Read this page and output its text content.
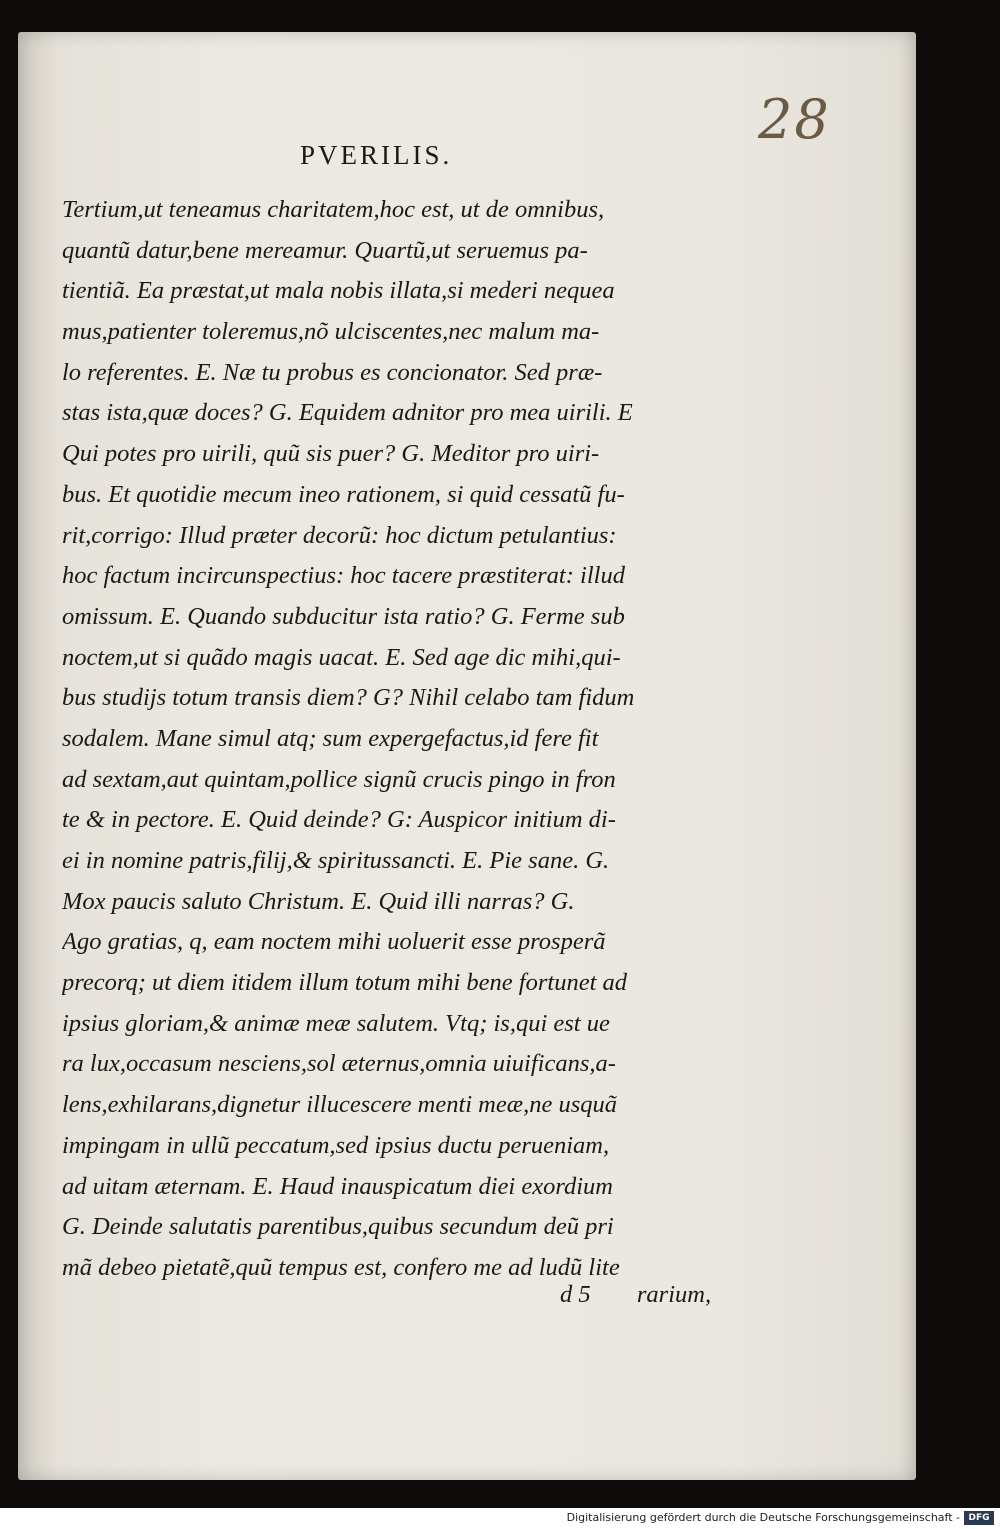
28
PVERILIS.
Tertium,ut teneamus charitatem,hoc est, ut de omnibus,
quantũ datur,bene mereamur. Quartũ,ut seruemus pa-
tientiã. Ea præstat,ut mala nobis illata,si mederi nequea
mus,patienter toleremus,nõ ulciscentes,nec malum ma-
lo referentes. E. Næ tu probus es concionator. Sed præ-
stas ista,quæ doces? G. Equidem adnitor pro mea uirili. E
Qui potes pro uirili, quũ sis puer? G. Meditor pro uiri-
bus. Et quotidie mecum ineo rationem, si quid cessatũ fu-
rit,corrigo: Illud præter decorũ: hoc dictum petulantius:
hoc factum incircunspectius: hoc tacere præstiterat: illud
omissum. E. Quando subducitur ista ratio? G. Ferme sub
noctem,ut si quãdo magis uacat. E. Sed age dic mihi,qui-
bus studijs totum transis diem? G? Nihil celabo tam fidum
sodalem. Mane simul atq; sum expergefactus,id fere fit
ad sextam,aut quintam,pollice signũ crucis pingo in fron
te & in pectore. E. Quid deinde? G: Auspicor initium di-
ei in nomine patris,filij,& spiritussancti. E. Pie sane. G.
Mox paucis saluto Christum. E. Quid illi narras? G.
Ago gratias, q, eam noctem mihi uoluerit esse prosperã
precorq; ut diem itidem illum totum mihi bene fortunet ad
ipsius gloriam,& animæ meæ salutem. Vtq; is,qui est ue
ra lux,occasum nesciens,sol æternus,omnia uiuificans,a-
lens,exhilarans,dignetur illucescere menti meæ,ne usquã
impingam in ullũ peccatum,sed ipsius ductu perueniam,
ad uitam æternam. E. Haud inauspicatum diei exordium
G. Deinde salutatis parentibus,quibus secundum deũ pri
mã debeo pietatẽ,quũ tempus est, confero me ad ludũ lite
d 5 rarium,
Digitalisierung gefördert durch die Deutsche Forschungsgemeinschaft - DFG
